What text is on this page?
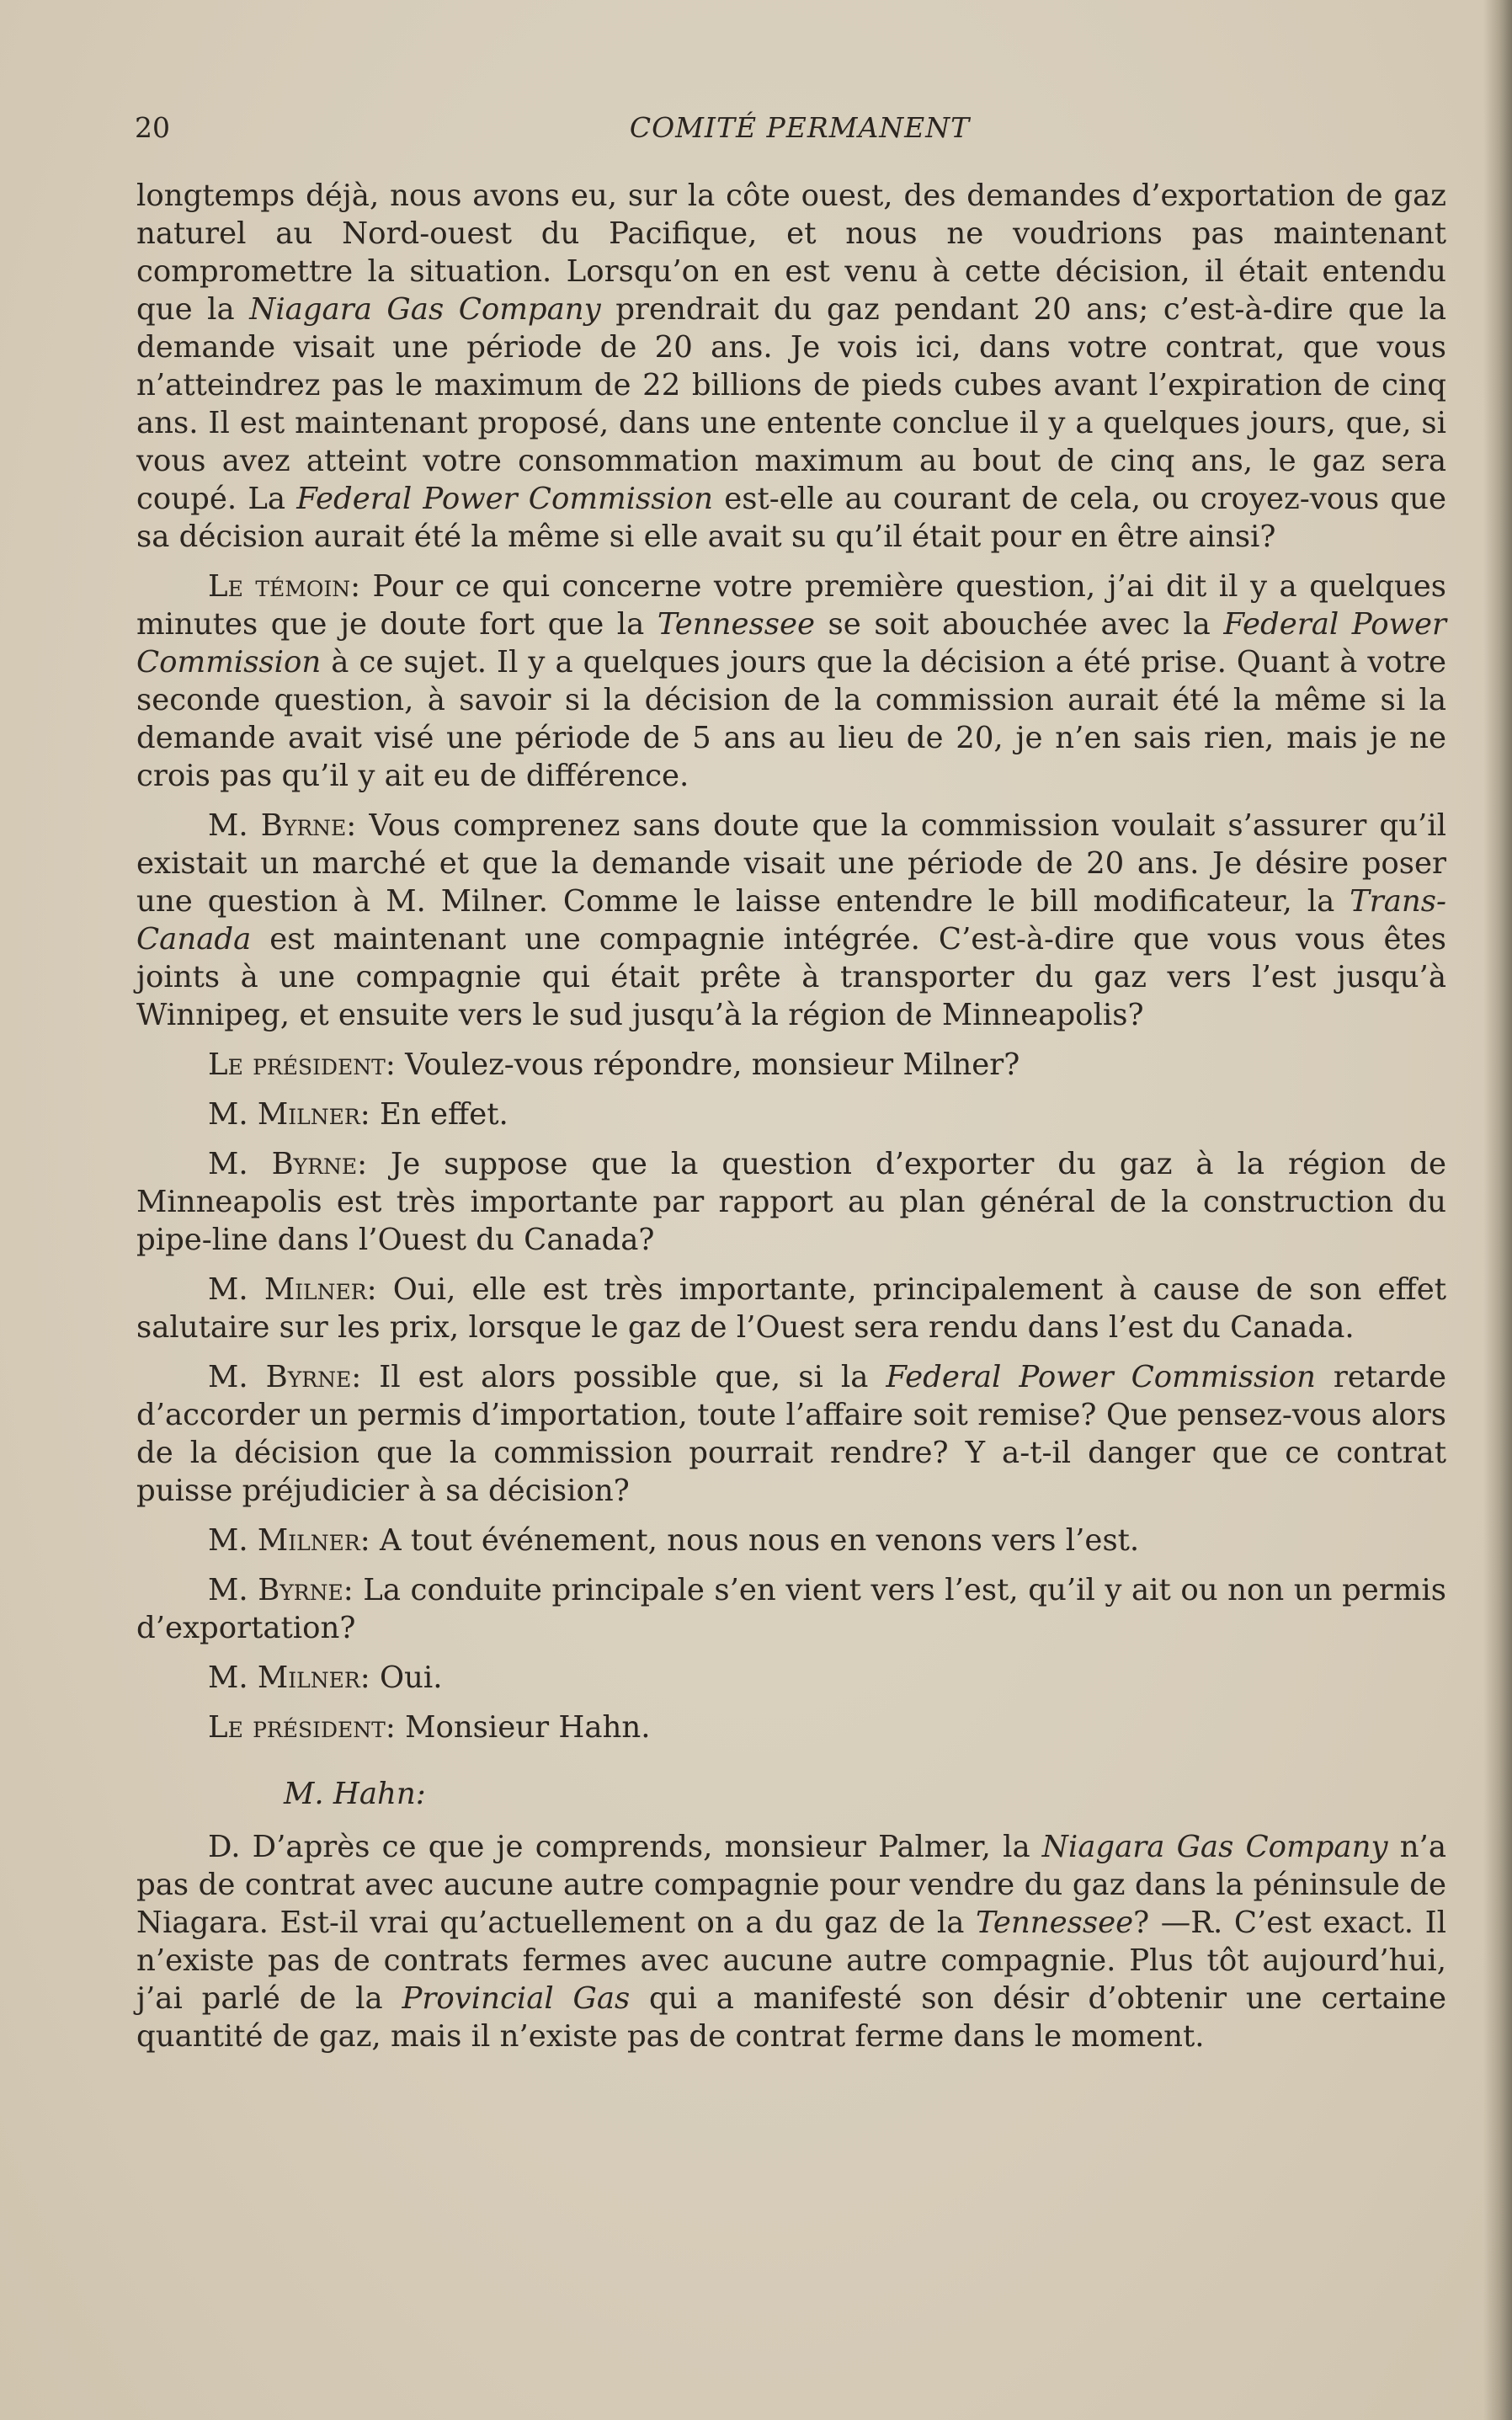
20	COMITÉ PERMANENT

longtemps déjà, nous avons eu, sur la côte ouest, des demandes d’exportation de gaz naturel au Nord-ouest du Pacifique, et nous ne voudrions pas maintenant compromettre la situation. Lorsqu’on en est venu à cette décision, il était entendu que la Niagara Gas Company prendrait du gaz pendant 20 ans; c’est-à-dire que la demande visait une période de 20 ans. Je vois ici, dans votre contrat, que vous n’atteindrez pas le maximum de 22 billions de pieds cubes avant l’expiration de cinq ans. Il est maintenant proposé, dans une entente conclue il y a quelques jours, que, si vous avez atteint votre consommation maximum au bout de cinq ans, le gaz sera coupé. La Federal Power Commission est-elle au courant de cela, ou croyez-vous que sa décision aurait été la même si elle avait su qu’il était pour en être ainsi?

Le témoin: Pour ce qui concerne votre première question, j’ai dit il y a quelques minutes que je doute fort que la Tennessee se soit abouchée avec la Federal Power Commission à ce sujet. Il y a quelques jours que la décision a été prise. Quant à votre seconde question, à savoir si la décision de la commission aurait été la même si la demande avait visé une période de 5 ans au lieu de 20, je n’en sais rien, mais je ne crois pas qu’il y ait eu de différence.

M. Byrne: Vous comprenez sans doute que la commission voulait s’assurer qu’il existait un marché et que la demande visait une période de 20 ans. Je désire poser une question à M. Milner. Comme le laisse entendre le bill modificateur, la Trans-Canada est maintenant une compagnie intégrée. C’est-à-dire que vous vous êtes joints à une compagnie qui était prête à transporter du gaz vers l’est jusqu’à Winnipeg, et ensuite vers le sud jusqu’à la région de Minneapolis?

Le président: Voulez-vous répondre, monsieur Milner?

M. Milner: En effet.

M. Byrne: Je suppose que la question d’exporter du gaz à la région de Minneapolis est très importante par rapport au plan général de la construction du pipe-line dans l’Ouest du Canada?

M. Milner: Oui, elle est très importante, principalement à cause de son effet salutaire sur les prix, lorsque le gaz de l’Ouest sera rendu dans l’est du Canada.

M. Byrne: Il est alors possible que, si la Federal Power Commission retarde d’accorder un permis d’importation, toute l’affaire soit remise? Que pensez-vous alors de la décision que la commission pourrait rendre? Y a-t-il danger que ce contrat puisse préjudicier à sa décision?

M. Milner: A tout événement, nous nous en venons vers l’est.

M. Byrne: La conduite principale s’en vient vers l’est, qu’il y ait ou non un permis d’exportation?

M. Milner: Oui.

Le président: Monsieur Hahn.

M. Hahn:

D. D’après ce que je comprends, monsieur Palmer, la Niagara Gas Company n’a pas de contrat avec aucune autre compagnie pour vendre du gaz dans la péninsule de Niagara. Est-il vrai qu’actuellement on a du gaz de la Tennessee? —R. C’est exact. Il n’existe pas de contrats fermes avec aucune autre compagnie. Plus tôt aujourd’hui, j’ai parlé de la Provincial Gas qui a manifesté son désir d’obtenir une certaine quantité de gaz, mais il n’existe pas de contrat ferme dans le moment.
